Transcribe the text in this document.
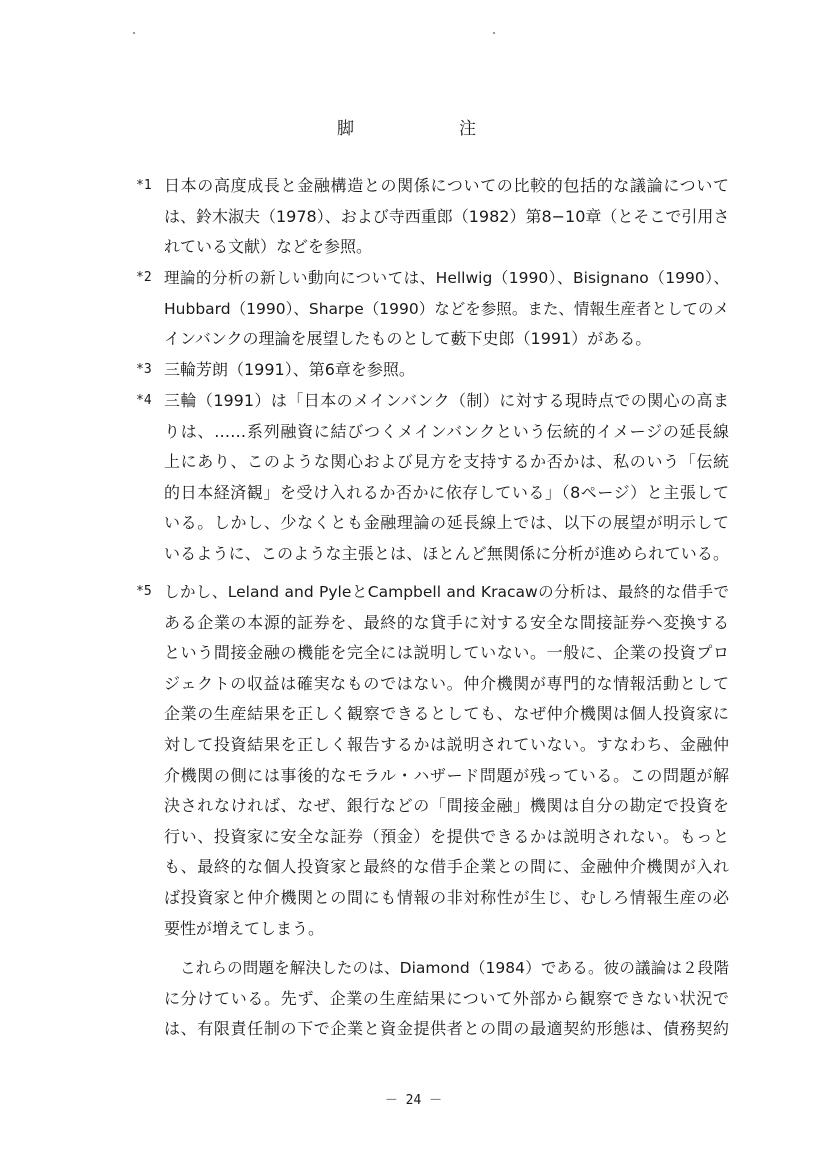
脚　注
*1 日本の高度成長と金融構造との関係についての比較的包括的な議論について
は、鈴木淑夫（1978）、および寺西重郎（1982）第8−10章（とそこで引用さ
れている文献）などを参照。
*2 理論的分析の新しい動向については、Hellwig（1990）、Bisignano（1990）、
Hubbard（1990）、Sharpe（1990）などを参照。また、情報生産者としてのメ
インバンクの理論を展望したものとして藪下史郎（1991）がある。
*3 三輪芳朗（1991）、第6章を参照。
*4 三輪（1991）は「日本のメインバンク（制）に対する現時点での関心の高ま
りは、……系列融資に結びつくメインバンクという伝統的イメージの延長線
上にあり、このような関心および見方を支持するか否かは、私のいう「伝統
的日本経済観」を受け入れるか否かに依存している」（8ページ）と主張して
いる。しかし、少なくとも金融理論の延長線上では、以下の展望が明示して
いるように、このような主張とは、ほとんど無関係に分析が進められている。
*5 しかし、Leland and PyleとCampbell and Kracawの分析は、最終的な借手で
ある企業の本源的証券を、最終的な貸手に対する安全な間接証券へ変換する
という間接金融の機能を完全には説明していない。一般に、企業の投資プロ
ジェクトの収益は確実なものではない。仲介機関が専門的な情報活動として
企業の生産結果を正しく観察できるとしても、なぜ仲介機関は個人投資家に
対して投資結果を正しく報告するかは説明されていない。すなわち、金融仲
介機関の側には事後的なモラル・ハザード問題が残っている。この問題が解
決されなければ、なぜ、銀行などの「間接金融」機関は自分の勘定で投資を
行い、投資家に安全な証券（預金）を提供できるかは説明されない。もっと
も、最終的な個人投資家と最終的な借手企業との間に、金融仲介機関が入れ
ば投資家と仲介機関との間にも情報の非対称性が生じ、むしろ情報生産の必
要性が増えてしまう。
これらの問題を解決したのは、Diamond（1984）である。彼の議論は２段階
に分けている。先ず、企業の生産結果について外部から観察できない状況で
は、有限責任制の下で企業と資金提供者との間の最適契約形態は、債務契約
－ 24 －
